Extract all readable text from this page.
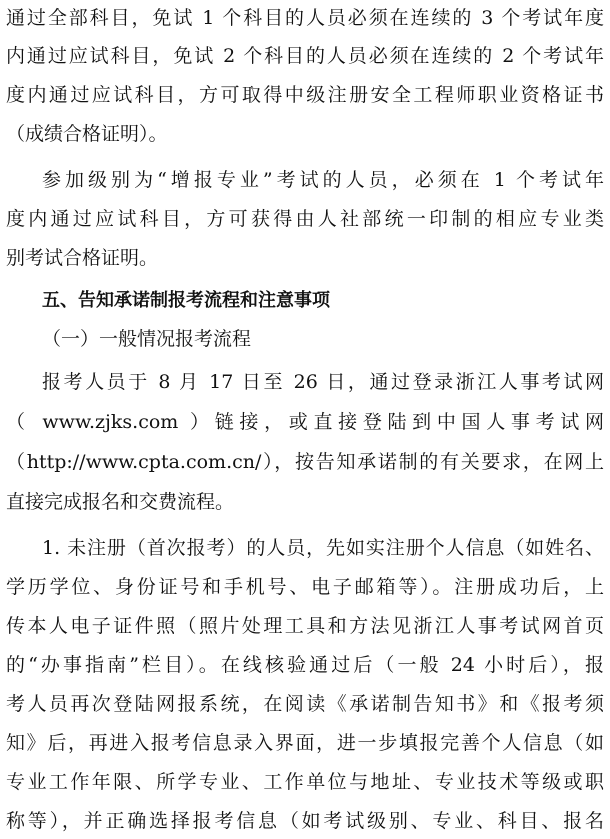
通过全部科目，免试 1 个科目的人员必须在连续的 3 个考试年度
内通过应试科目，免试 2 个科目的人员必须在连续的 2 个考试年
度内通过应试科目，方可取得中级注册安全工程师职业资格证书
（成绩合格证明）。
参加级别为“增报专业”考试的人员，必须在 1 个考试年
度内通过应试科目，方可获得由人社部统一印制的相应专业类
别考试合格证明。
五、告知承诺制报考流程和注意事项
（一）一般情况报考流程
报考人员于 8 月 17 日至 26 日，通过登录浙江人事考试网
（ www.zjks.com ）链接，或直接登陆到中国人事考试网
（http://www.cpta.com.cn/），按告知承诺制的有关要求，在网上
直接完成报名和交费流程。
1. 未注册（首次报考）的人员，先如实注册个人信息（如姓名、
学历学位、身份证号和手机号、电子邮箱等）。注册成功后，上
传本人电子证件照（照片处理工具和方法见浙江人事考试网首页
的“办事指南”栏目）。在线核验通过后（一般 24 小时后），报
考人员再次登陆网报系统，在阅读《承诺制告知书》和《报考须
知》后，再进入报考信息录入界面，进一步填报完善个人信息（如
专业工作年限、所学专业、工作单位与地址、专业技术等级或职
称等），并正确选择报考信息（如考试级别、专业、科目、报名
